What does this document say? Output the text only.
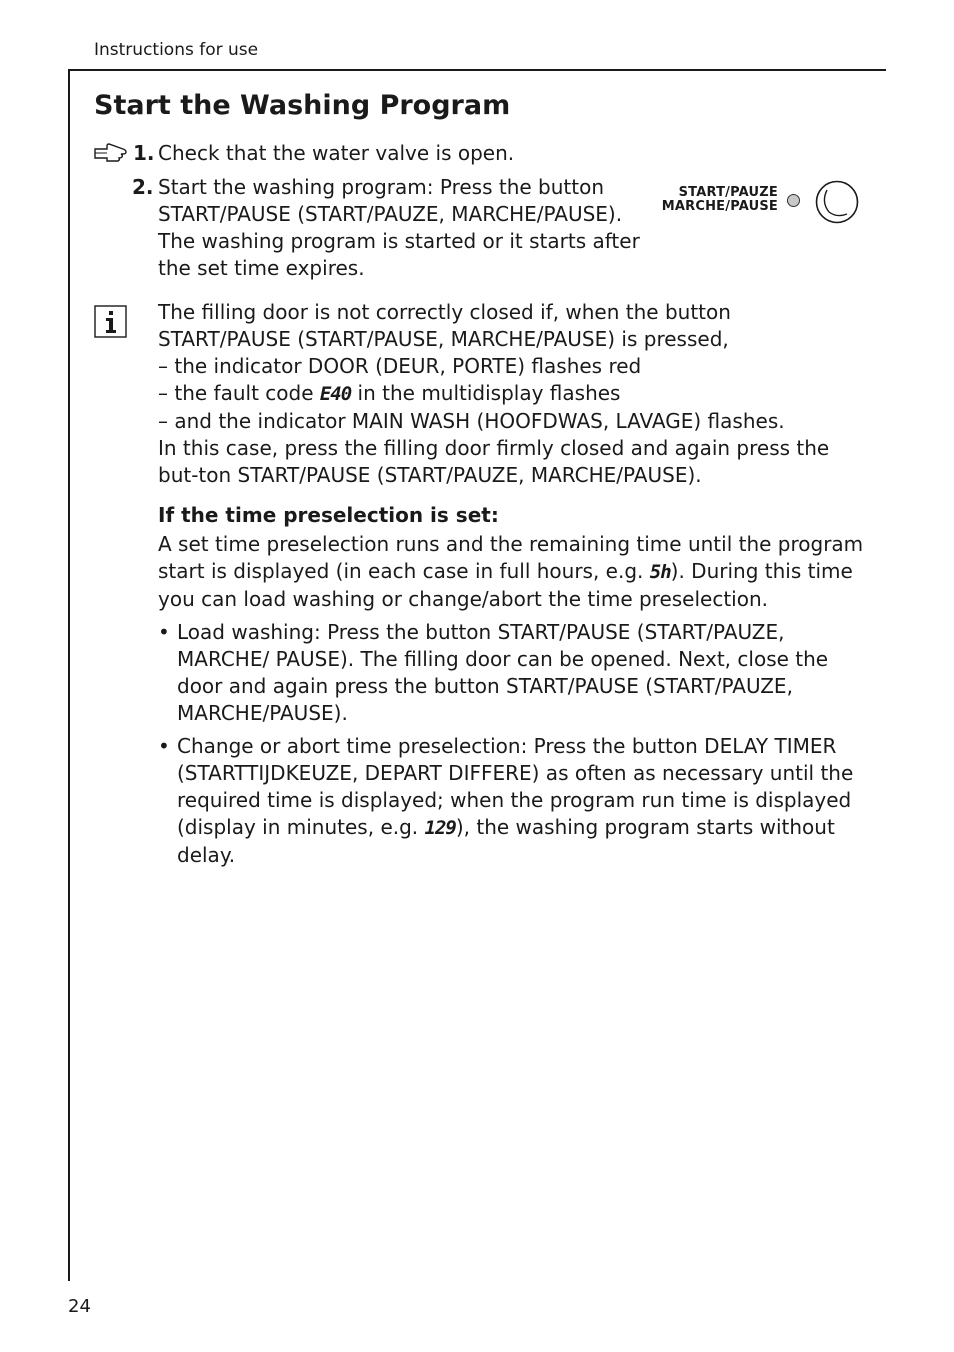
Instructions for use
Start the Washing Program
1. Check that the water valve is open.
2. Start the washing program: Press the button START/PAUSE (START/PAUZE, MARCHE/PAUSE). The washing program is started or it starts after the set time expires.
START/PAUZE
MARCHE/PAUSE
The filling door is not correctly closed if, when the button START/PAUSE (START/PAUSE, MARCHE/PAUSE) is pressed,
– the indicator DOOR (DEUR, PORTE) flashes red
– the fault code E40 in the multidisplay flashes
– and the indicator MAIN WASH (HOOFDWAS, LAVAGE) flashes.
In this case, press the filling door firmly closed and again press the but-ton START/PAUSE (START/PAUZE, MARCHE/PAUSE).
If the time preselection is set:
A set time preselection runs and the remaining time until the program start is displayed (in each case in full hours, e.g. 5h). During this time you can load washing or change/abort the time preselection.
• Load washing: Press the button START/PAUSE (START/PAUZE, MARCHE/ PAUSE). The filling door can be opened. Next, close the door and again press the button START/PAUSE (START/PAUZE, MARCHE/PAUSE).
• Change or abort time preselection: Press the button DELAY TIMER (STARTTIJDKEUZE, DEPART DIFFERE) as often as necessary until the required time is displayed; when the program run time is displayed (display in minutes, e.g. 129), the washing program starts without delay.
24
